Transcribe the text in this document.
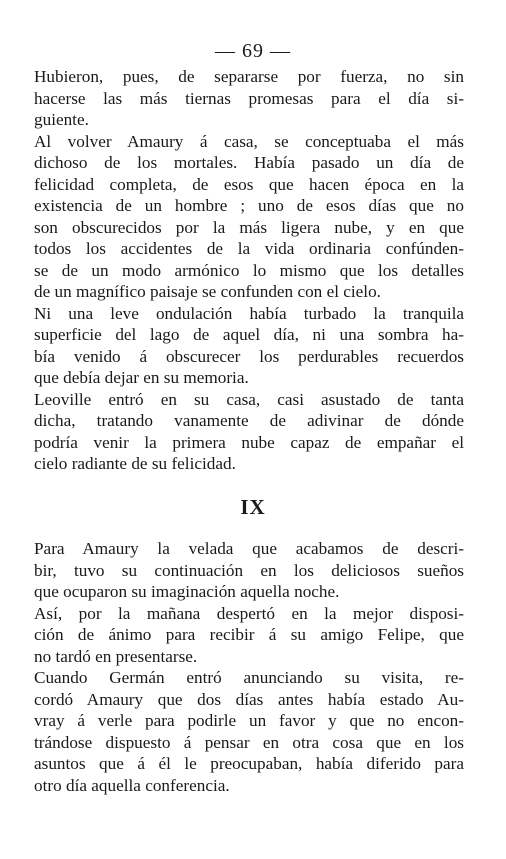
— 69 —
Hubieron, pues, de separarse por fuerza, no sin
hacerse las más tiernas promesas para el día si-
guiente.
Al volver Amaury á casa, se conceptuaba el más
dichoso de los mortales. Había pasado un día de
felicidad completa, de esos que hacen época en la
existencia de un hombre ; uno de esos días que no
son obscurecidos por la más ligera nube, y en que
todos los accidentes de la vida ordinaria confúnden-
se de un modo armónico lo mismo que los detalles
de un magnífico paisaje se confunden con el cielo.
Ni una leve ondulación había turbado la tranquila
superficie del lago de aquel día, ni una sombra ha-
bía venido á obscurecer los perdurables recuerdos
que debía dejar en su memoria.
Leoville entró en su casa, casi asustado de tanta
dicha, tratando vanamente de adivinar de dónde
podría venir la primera nube capaz de empañar el
cielo radiante de su felicidad.
IX
Para Amaury la velada que acabamos de descri-
bir, tuvo su continuación en los deliciosos sueños
que ocuparon su imaginación aquella noche.
Así, por la mañana despertó en la mejor disposi-
ción de ánimo para recibir á su amigo Felipe, que
no tardó en presentarse.
Cuando Germán entró anunciando su visita, re-
cordó Amaury que dos días antes había estado Au-
vray á verle para podirle un favor y que no encon-
trándose dispuesto á pensar en otra cosa que en los
asuntos que á él le preocupaban, había diferido para
otro día aquella conferencia.
